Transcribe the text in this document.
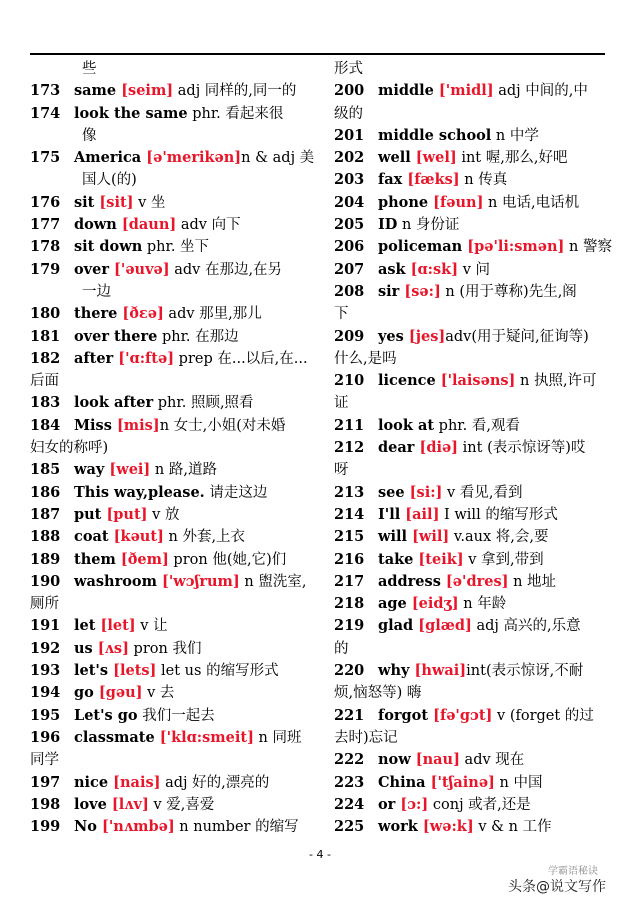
些
173 same [seim] adj 同样的,同一的
174 look the same phr. 看起来很
像
175 America [ə'merikən]n & adj 美
国人(的)
176 sit [sit] v 坐
177 down [daun] adv 向下
178 sit down phr. 坐下
179 over ['əuvə] adv 在那边,在另
一边
180 there [ðεə] adv 那里,那儿
181 over there phr. 在那边
182 after ['ɑ:ftə] prep 在...以后,在...
后面
183 look after phr. 照顾,照看
184 Miss [mis]n 女士,小姐(对未婚
妇女的称呼)
185 way [wei] n 路,道路
186 This way,please. 请走这边
187 put [put] v 放
188 coat [kəut] n 外套,上衣
189 them [ðem] pron 他(她,它)们
190 washroom ['wɔʃrum] n 盥洗室,
厕所
191 let [let] v 让
192 us [ʌs] pron 我们
193 let's [lets] let us 的缩写形式
194 go [gəu] v 去
195 Let's go 我们一起去
196 classmate ['klɑ:smeit] n 同班
同学
197 nice [nais] adj 好的,漂亮的
198 love [lʌv] v 爱,喜爱
199 No ['nʌmbə] n number 的缩写
形式
200 middle ['midl] adj 中间的,中
级的
201 middle school n 中学
202 well [wel] int 喔,那么,好吧
203 fax [fæks] n 传真
204 phone [fəun] n 电话,电话机
205 ID n 身份证
206 policeman [pə'li:smən] n 警察
207 ask [ɑ:sk] v 问
208 sir [sə:] n (用于尊称)先生,阁
下
209 yes [jes]adv(用于疑问,征询等)
什么,是吗
210 licence ['laisəns] n 执照,许可
证
211 look at phr. 看,观看
212 dear [diə] int (表示惊讶等)哎
呀
213 see [si:] v 看见,看到
214 I'll [ail] I will 的缩写形式
215 will [wil] v.aux 将,会,要
216 take [teik] v 拿到,带到
217 address [ə'dres] n 地址
218 age [eidʒ] n 年龄
219 glad [glæd] adj 高兴的,乐意
的
220 why [hwai]int(表示惊讶,不耐
烦,恼怒等) 嗨
221 forgot [fə'gɔt] v (forget 的过
去时)忘记
222 now [nau] adv 现在
223 China ['tʃainə] n 中国
224 or [ɔ:] conj 或者,还是
225 work [wə:k] v & n 工作
- 4 -
学霸语秘诀
头条@说文写作
